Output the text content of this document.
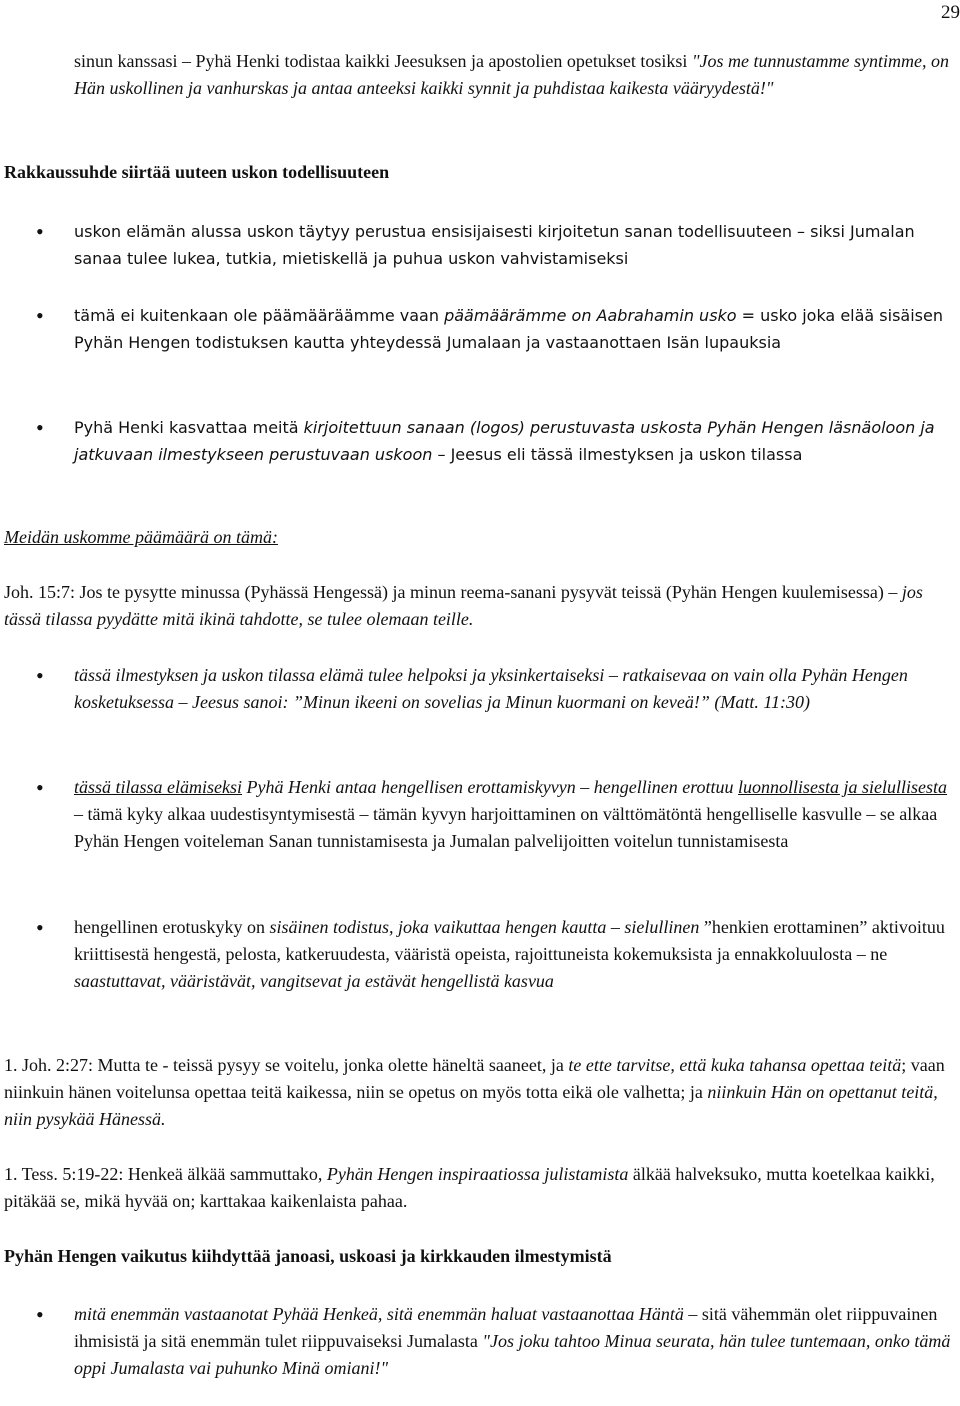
29

sinun kanssasi – Pyhä Henki todistaa kaikki Jeesuksen ja apostolien opetukset tosiksi "Jos me tunnustamme syntimme, on Hän uskollinen ja vanhurskas ja antaa anteeksi kaikki synnit ja puhdistaa kaikesta vääryydestä!"

Rakkaussuhde siirtää uuteen uskon todellisuuteen

• uskon elämän alussa uskon täytyy perustua ensisijaisesti kirjoitetun sanan todellisuuteen – siksi Jumalan sanaa tulee lukea, tutkia, mietiskellä ja puhua uskon vahvistamiseksi

• tämä ei kuitenkaan ole päämääräämme vaan päämäärämme on Aabrahamin usko = usko joka elää sisäisen Pyhän Hengen todistuksen kautta yhteydessä Jumalaan ja vastaanottaen Isän lupauksia

• Pyhä Henki kasvattaa meitä kirjoitettuun sanaan (logos) perustuvasta uskosta Pyhän Hengen läsnäoloon ja jatkuvaan ilmestykseen perustuvaan uskoon – Jeesus eli tässä ilmestyksen ja uskon tilassa

Meidän uskomme päämäärä on tämä:

Joh. 15:7: Jos te pysytte minussa (Pyhässä Hengessä) ja minun reema-sanani pysyvät teissä (Pyhän Hengen kuulemisessa) – jos tässä tilassa pyydätte mitä ikinä tahdotte, se tulee olemaan teille.

• tässä ilmestyksen ja uskon tilassa elämä tulee helpoksi ja yksinkertaiseksi – ratkaisevaa on vain olla Pyhän Hengen kosketuksessa – Jeesus sanoi: ”Minun ikeeni on sovelias ja Minun kuormani on keveä!” (Matt. 11:30)

• tässä tilassa elämiseksi Pyhä Henki antaa hengellisen erottamiskyvyn – hengellinen erottuu luonnollisesta ja sielullisesta – tämä kyky alkaa uudestisyntymisestä – tämän kyvyn harjoittaminen on välttömätöntä hengelliselle kasvulle – se alkaa Pyhän Hengen voiteleman Sanan tunnistamisesta ja Jumalan palvelijoitten voitelun tunnistamisesta

• hengellinen erotuskyky on sisäinen todistus, joka vaikuttaa hengen kautta – sielullinen ”henkien erottaminen” aktivoituu kriittisestä hengestä, pelosta, katkeruudesta, vääristä opeista, rajoittuneista kokemuksista ja ennakkoluulosta – ne saastuttavat, vääristävät, vangitsevat ja estävät hengellistä kasvua

1. Joh. 2:27: Mutta te - teissä pysyy se voitelu, jonka olette häneltä saaneet, ja te ette tarvitse, että kuka tahansa opettaa teitä; vaan niinkuin hänen voitelunsa opettaa teitä kaikessa, niin se opetus on myös totta eikä ole valhetta; ja niinkuin Hän on opettanut teitä, niin pysykää Hänessä.

1. Tess. 5:19-22: Henkeä älkää sammuttako, Pyhän Hengen inspiraatiossa julistamista älkää halveksuko, mutta koetelkaa kaikki, pitäkää se, mikä hyvää on; karttakaa kaikenlaista pahaa.

Pyhän Hengen vaikutus kiihdyttää janoasi, uskoasi ja kirkkauden ilmestymistä

• mitä enemmän vastaanotat Pyhää Henkeä, sitä enemmän haluat vastaanottaa Häntä – sitä vähemmän olet riippuvainen ihmisistä ja sitä enemmän tulet riippuvaiseksi Jumalasta "Jos joku tahtoo Minua seurata, hän tulee tuntemaan, onko tämä oppi Jumalasta vai puhunko Minä omiani!"
